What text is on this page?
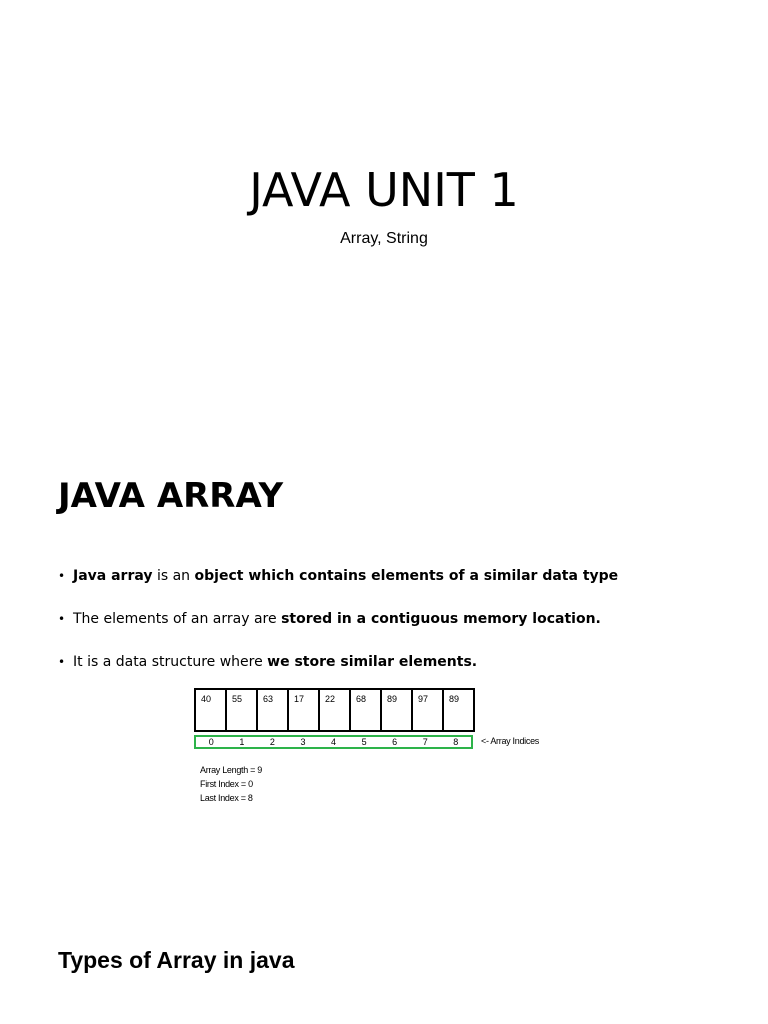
JAVA UNIT 1
Array, String
JAVA ARRAY
• Java array is an object which contains elements of a similar data type
• The elements of an array are stored in a contiguous memory location.
• It is a data structure where we store similar elements.
40	55	63	17	22	68	89	97	89
0	1	2	3	4	5	6	7	8	<- Array Indices
Array Length = 9
First Index = 0
Last Index = 8
Types of Array in java
